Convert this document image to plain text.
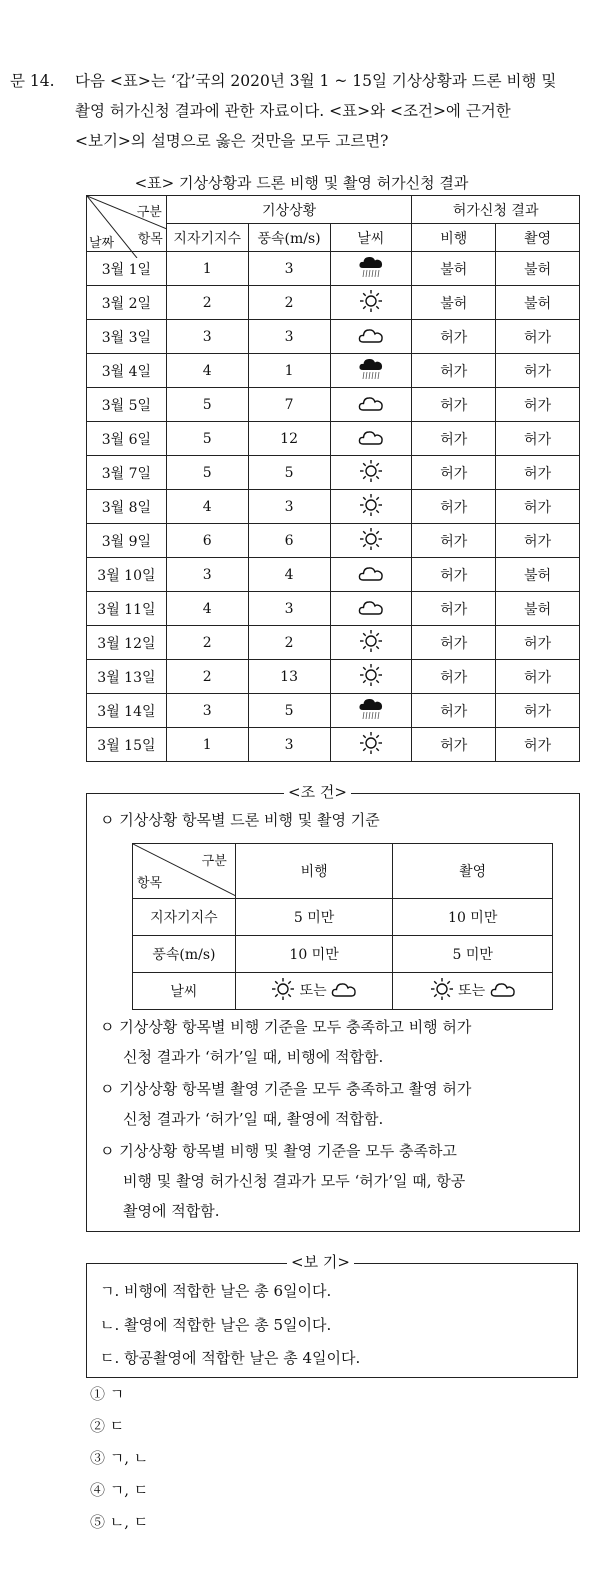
문 14. 다음 <표>는 ‘갑’국의 2020년 3월 1 ~ 15일 기상상황과 드론 비행 및
촬영 허가신청 결과에 관한 자료이다. <표>와 <조건>에 근거한
<보기>의 설명으로 옳은 것만을 모두 고르면?
<표> 기상상황과 드론 비행 및 촬영 허가신청 결과
구분
항목
날짜	기상상황			허가신청 결과	
	지자기지수	풍속(m/s)	날씨	비행	촬영
3월 1일	1	3		불허	불허
3월 2일	2	2		불허	불허
3월 3일	3	3		허가	허가
3월 4일	4	1		허가	허가
3월 5일	5	7		허가	허가
3월 6일	5	12		허가	허가
3월 7일	5	5		허가	허가
3월 8일	4	3		허가	허가
3월 9일	6	6		허가	허가
3월 10일	3	4		허가	불허
3월 11일	4	3		허가	불허
3월 12일	2	2		허가	허가
3월 13일	2	13		허가	허가
3월 14일	3	5		허가	허가
3월 15일	1	3		허가	허가
<조 건>
ㅇ 기상상황 항목별 드론 비행 및 촬영 기준
구분
항목	비행	촬영
지자기지수	5 미만	10 미만
풍속(m/s)	10 미만	5 미만
날씨	또는	또는
ㅇ 기상상황 항목별 비행 기준을 모두 충족하고 비행 허가
신청 결과가 ‘허가’일 때, 비행에 적합함.
ㅇ 기상상황 항목별 촬영 기준을 모두 충족하고 촬영 허가
신청 결과가 ‘허가’일 때, 촬영에 적합함.
ㅇ 기상상황 항목별 비행 및 촬영 기준을 모두 충족하고
비행 및 촬영 허가신청 결과가 모두 ‘허가’일 때, 항공
촬영에 적합함.
<보 기>
ㄱ. 비행에 적합한 날은 총 6일이다.
ㄴ. 촬영에 적합한 날은 총 5일이다.
ㄷ. 항공촬영에 적합한 날은 총 4일이다.
① ㄱ
② ㄷ
③ ㄱ, ㄴ
④ ㄱ, ㄷ
⑤ ㄴ, ㄷ
